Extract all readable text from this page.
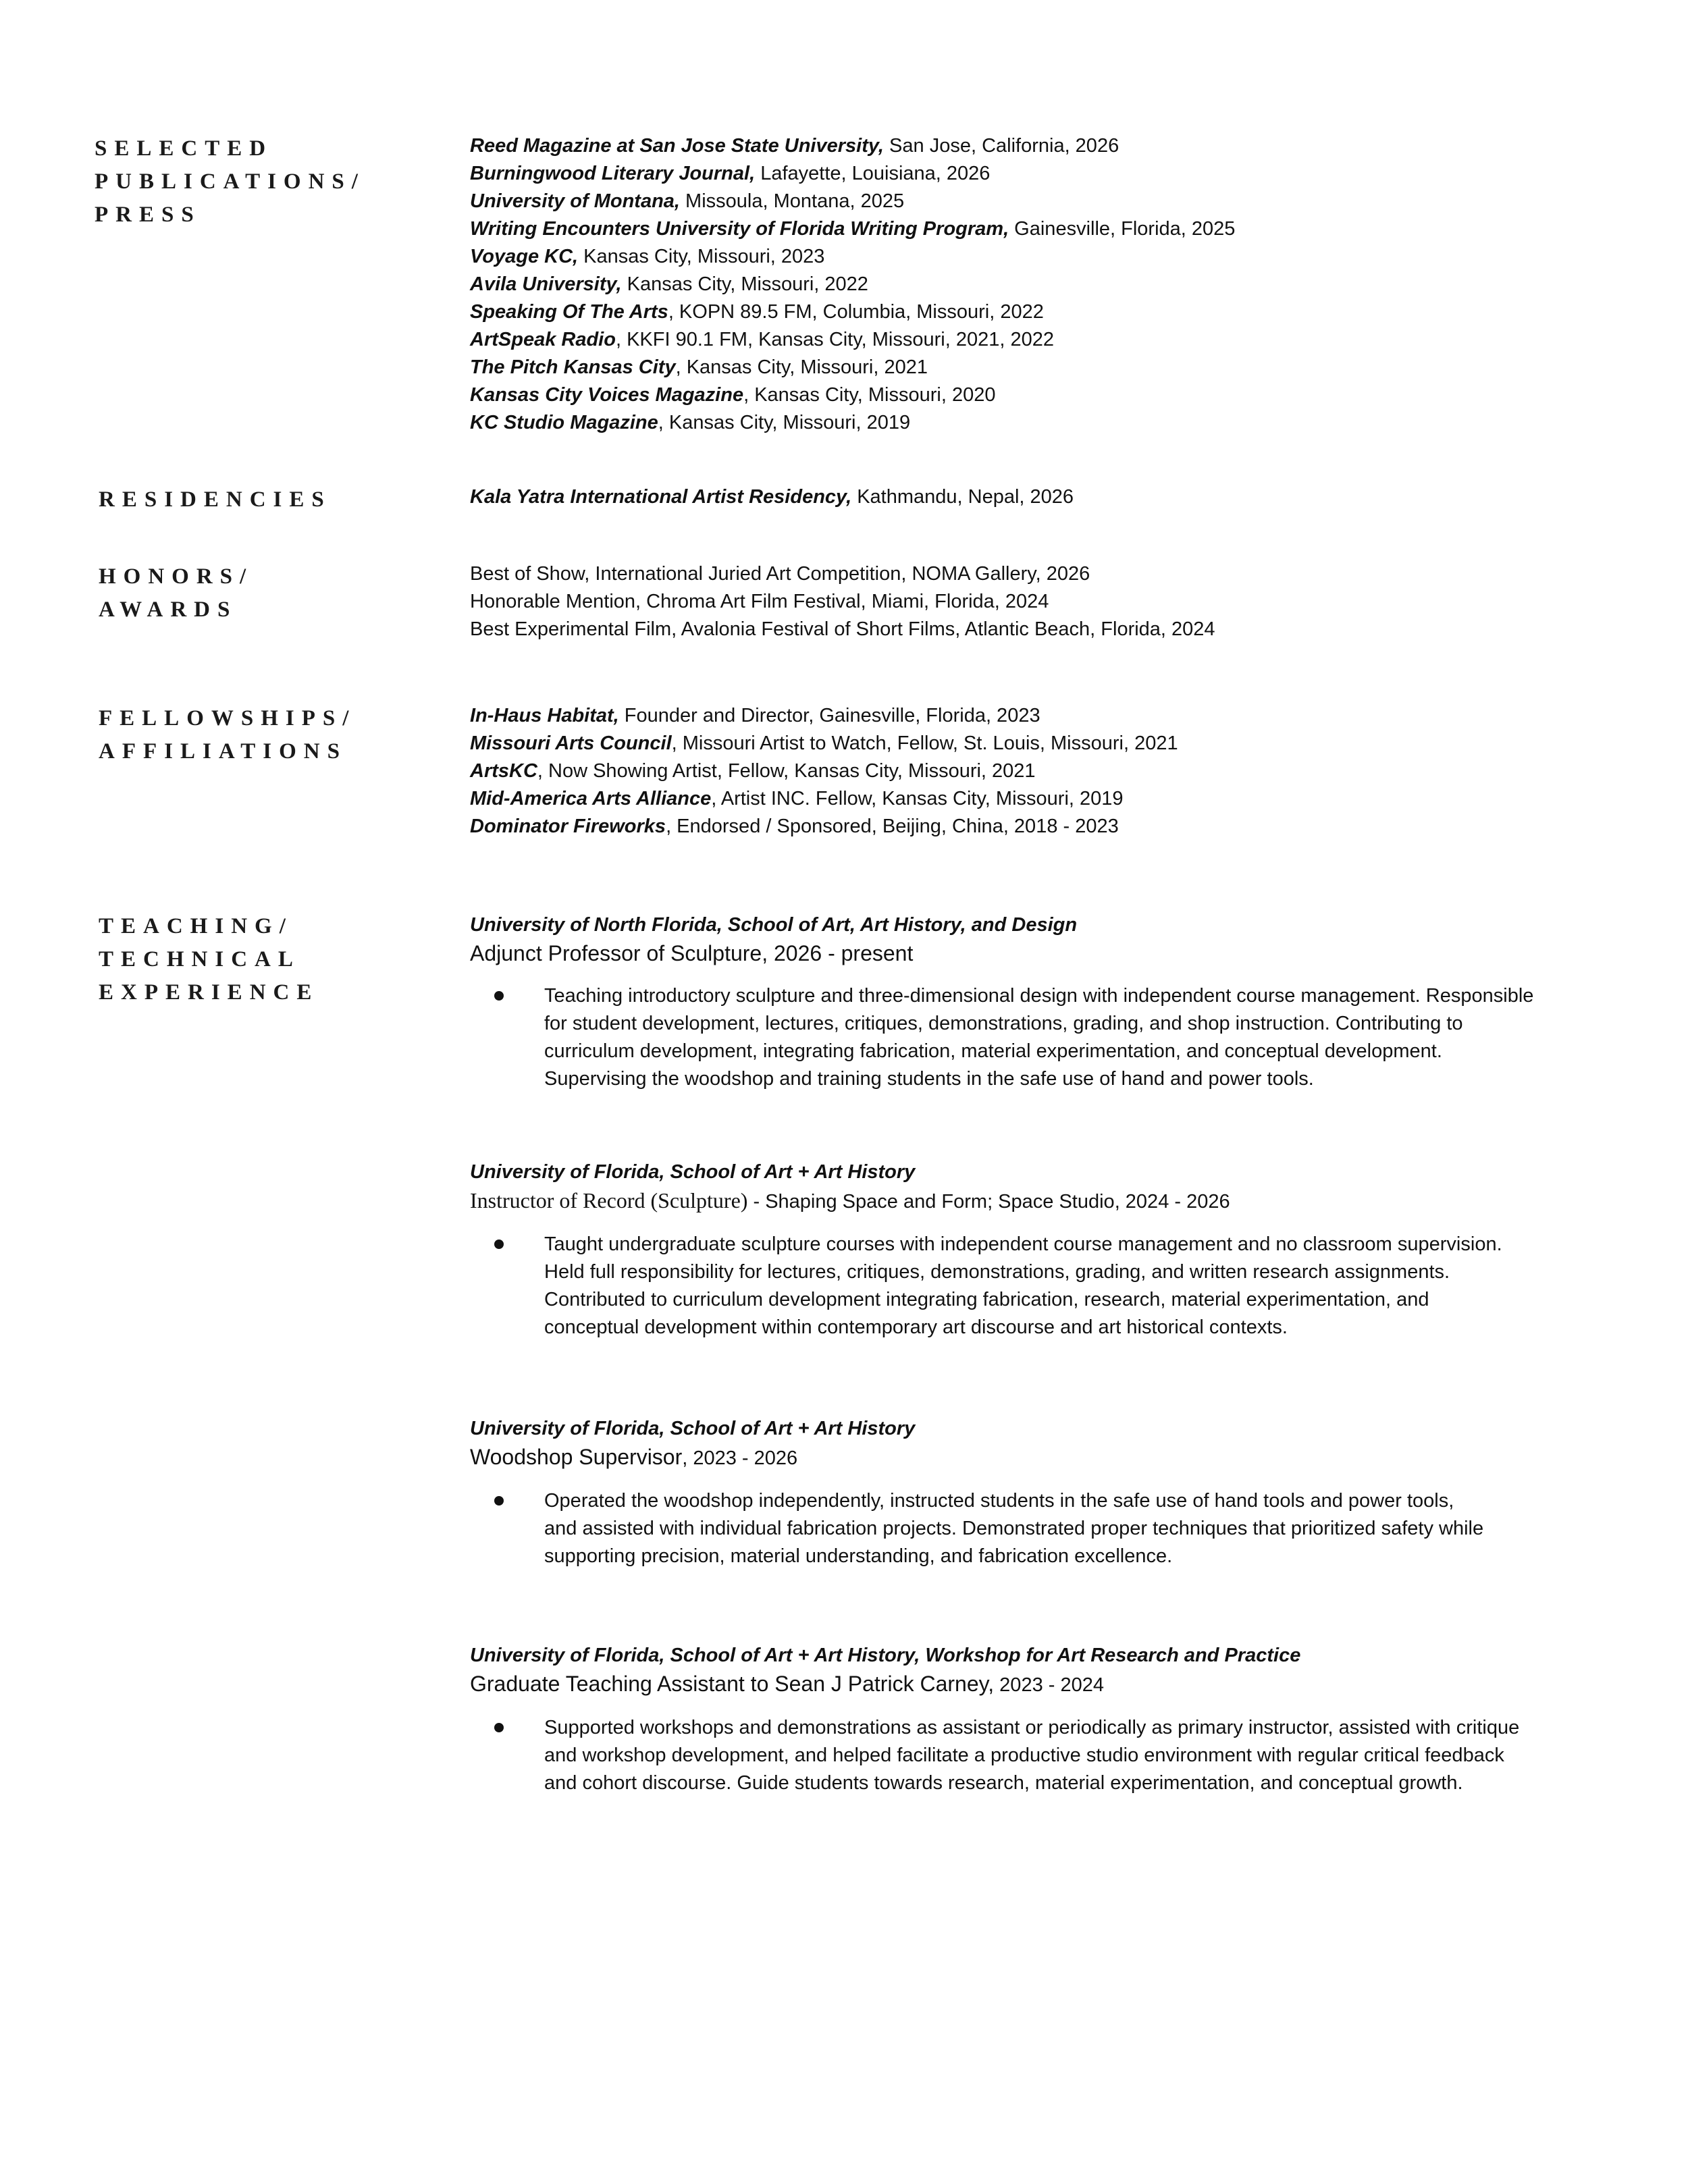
SELECTED
PUBLICATIONS/
PRESS
Reed Magazine at San Jose State University, San Jose, California, 2026
Burningwood Literary Journal, Lafayette, Louisiana, 2026
University of Montana, Missoula, Montana, 2025
Writing Encounters University of Florida Writing Program, Gainesville, Florida, 2025
Voyage KC, Kansas City, Missouri, 2023
Avila University, Kansas City, Missouri, 2022
Speaking Of The Arts, KOPN 89.5 FM, Columbia, Missouri, 2022
ArtSpeak Radio, KKFI 90.1 FM, Kansas City, Missouri, 2021, 2022
The Pitch Kansas City, Kansas City, Missouri, 2021
Kansas City Voices Magazine, Kansas City, Missouri, 2020
KC Studio Magazine, Kansas City, Missouri, 2019
RESIDENCIES	Kala Yatra International Artist Residency, Kathmandu, Nepal, 2026
HONORS/
AWARDS
Best of Show, International Juried Art Competition, NOMA Gallery, 2026
Honorable Mention, Chroma Art Film Festival, Miami, Florida, 2024
Best Experimental Film, Avalonia Festival of Short Films, Atlantic Beach, Florida, 2024
FELLOWSHIPS/
AFFILIATIONS
In-Haus Habitat, Founder and Director, Gainesville, Florida, 2023
Missouri Arts Council, Missouri Artist to Watch, Fellow, St. Louis, Missouri, 2021
ArtsKC, Now Showing Artist, Fellow, Kansas City, Missouri, 2021
Mid-America Arts Alliance, Artist INC. Fellow, Kansas City, Missouri, 2019
Dominator Fireworks, Endorsed / Sponsored, Beijing, China, 2018 - 2023
TEACHING/
TECHNICAL
EXPERIENCE
University of North Florida, School of Art, Art History, and Design
Adjunct Professor of Sculpture, 2026 - present
Teaching introductory sculpture and three-dimensional design with independent course management. Responsible
for student development, lectures, critiques, demonstrations, grading, and shop instruction. Contributing to
curriculum development, integrating fabrication, material experimentation, and conceptual development.
Supervising the woodshop and training students in the safe use of hand and power tools.
University of Florida, School of Art + Art History
Instructor of Record (Sculpture) - Shaping Space and Form; Space Studio, 2024 - 2026
Taught undergraduate sculpture courses with independent course management and no classroom supervision.
Held full responsibility for lectures, critiques, demonstrations, grading, and written research assignments.
Contributed to curriculum development integrating fabrication, research, material experimentation, and
conceptual development within contemporary art discourse and art historical contexts.
University of Florida, School of Art + Art History
Woodshop Supervisor, 2023 - 2026
Operated the woodshop independently, instructed students in the safe use of hand tools and power tools,
and assisted with individual fabrication projects. Demonstrated proper techniques that prioritized safety while
supporting precision, material understanding, and fabrication excellence.
University of Florida, School of Art + Art History, Workshop for Art Research and Practice
Graduate Teaching Assistant to Sean J Patrick Carney, 2023 - 2024
Supported workshops and demonstrations as assistant or periodically as primary instructor, assisted with critique
and workshop development, and helped facilitate a productive studio environment with regular critical feedback
and cohort discourse. Guide students towards research, material experimentation, and conceptual growth.
